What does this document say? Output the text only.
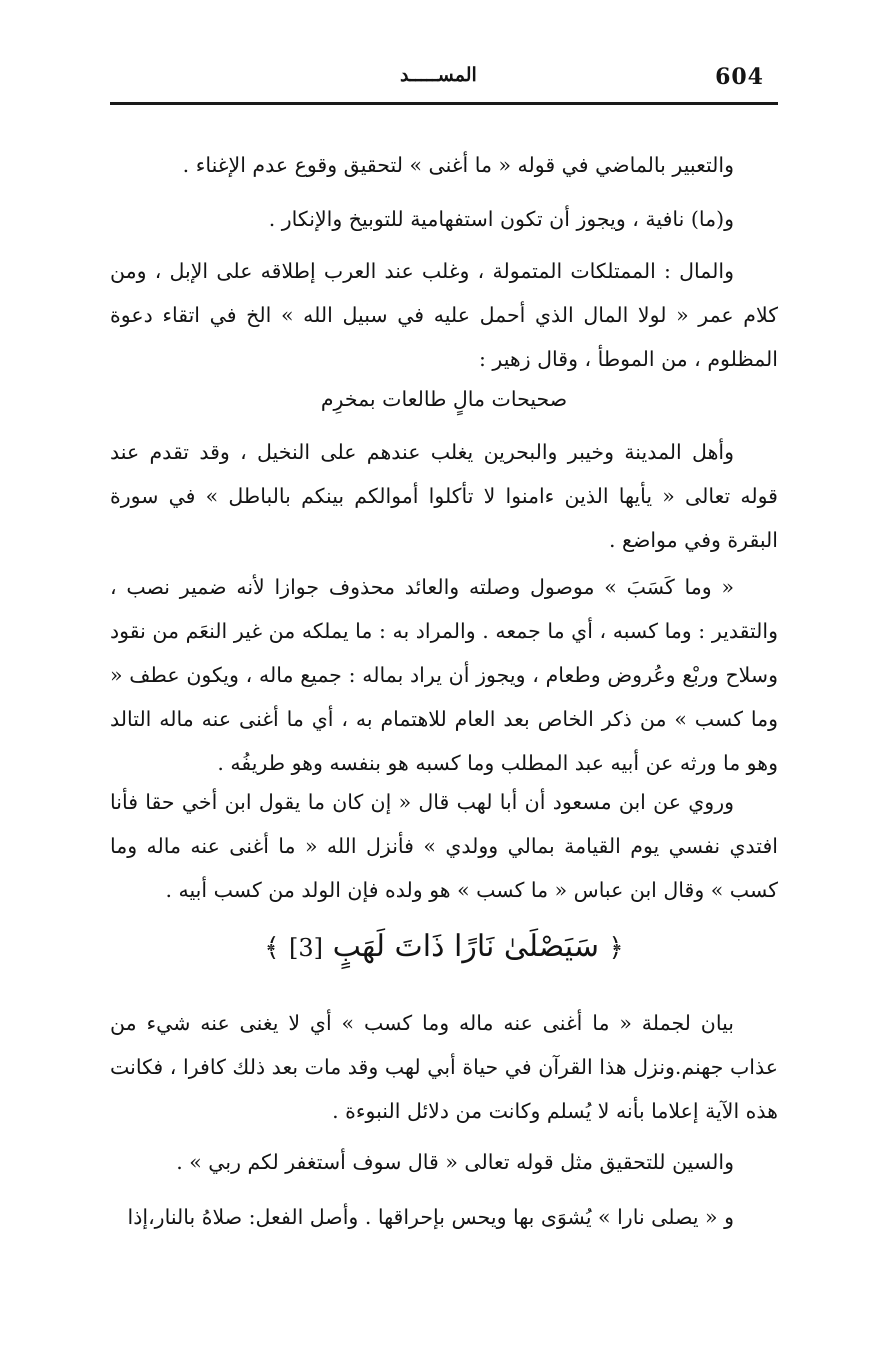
604
المســـــد
والتعبير بالماضي في قوله « ما أغنى » لتحقيق وقوع عدم الإغناء .
و(ما) نافية ، ويجوز أن تكون استفهامية للتوبيخ والإنكار .
والمال : الممتلكات المتمولة ، وغلب عند العرب إطلاقه على الإبل ، ومن كلام عمر « لولا المال الذي أحمل عليه في سبيل الله » الخ في اتقاء دعوة المظلوم ، من الموطأ ، وقال زهير :
صحيحات مالٍ طالعات بمخرِم
وأهل المدينة وخيبر والبحرين يغلب عندهم على النخيل ، وقد تقدم عند قوله تعالى « يأيها الذين ءامنوا لا تأكلوا أموالكم بينكم بالباطل » في سورة البقرة وفي مواضع .
« وما كَسَبَ » موصول وصلته والعائد محذوف جوازا لأنه ضمير نصب ، والتقدير : وما كسبه ، أي ما جمعه . والمراد به : ما يملكه من غير النعَم من نقود وسلاح وربْع وعُروض وطعام ، ويجوز أن يراد بماله : جميع ماله ، ويكون عطف « وما كسب » من ذكر الخاص بعد العام للاهتمام به ، أي ما أغنى عنه ماله التالد وهو ما ورثه عن أبيه عبد المطلب وما كسبه هو بنفسه وهو طريفُه .
وروي عن ابن مسعود أن أبا لهب قال « إن كان ما يقول ابن أخي حقا فأنا افتدي نفسي يوم القيامة بمالي وولدي » فأنزل الله « ما أغنى عنه ماله وما كسب » وقال ابن عباس « ما كسب » هو ولده فإن الولد من كسب أبيه .
﴿ سَيَصْلَىٰ نَارًا ذَاتَ لَهَبٍ [3] ﴾
بيان لجملة « ما أغنى عنه ماله وما كسب » أي لا يغنى عنه شيء من عذاب جهنم.ونزل هذا القرآن في حياة أبي لهب وقد مات بعد ذلك كافرا ، فكانت هذه الآية إعلاما بأنه لا يُسلم وكانت من دلائل النبوءة .
والسين للتحقيق مثل قوله تعالى « قال سوف أستغفر لكم ربي » .
و « يصلى نارا » يُشوَى بها ويحس بإحراقها . وأصل الفعل: صلاهُ بالنار،إذا
